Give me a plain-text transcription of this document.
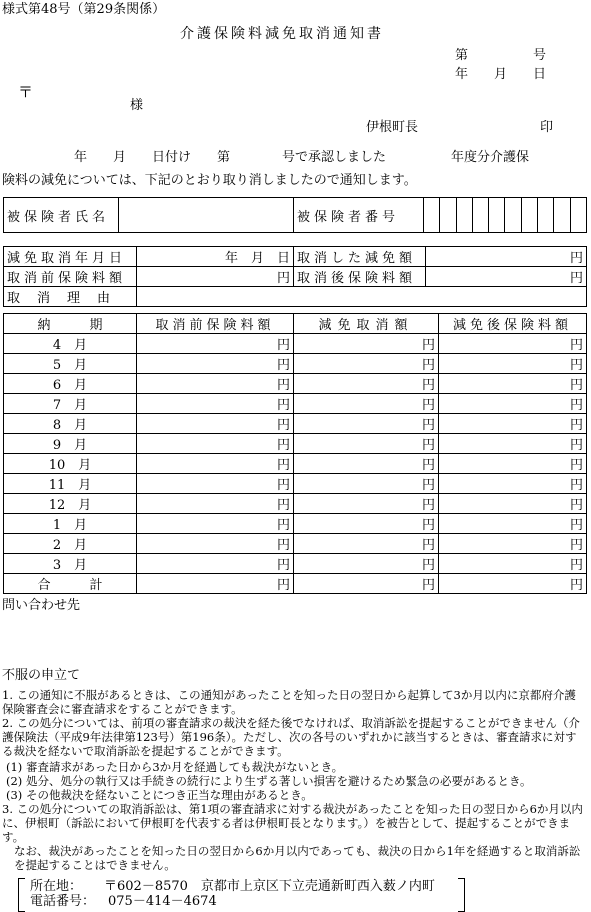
様式第48号（第29条関係）
介護保険料減免取消通知書
第　　　　　号
年　　月　　日
〒
様
伊根町長	印
年　　月　　日付け　　第　　　　号で承認しました　　　　　年度分介護保
険料の減免については、下記のとおり取り消しましたので通知します。
被保険者氏名		被保険者番号										
減免取消年月日	年　月　日	取消した減免額	円
取消前保険料額	円	取消後保険料額	円
取消理由			
納　　　期	取消前保険料額	減免取消額	減免後保険料額
4　月	円	円	円
5　月	円	円	円
6　月	円	円	円
7　月	円	円	円
8　月	円	円	円
9　月	円	円	円
10　月	円	円	円
11　月	円	円	円
12　月	円	円	円
1　月	円	円	円
2　月	円	円	円
3　月	円	円	円
合　　　計	円	円	円
問い合わせ先
不服の申立て
1. この通知に不服があるときは、この通知があったことを知った日の翌日から起算して3か月以内に京都府介護保険審査会に審査請求をすることができます。
2. この処分については、前項の審査請求の裁決を経た後でなければ、取消訴訟を提起することができません（介護保険法（平成9年法律第123号）第196条）。ただし、次の各号のいずれかに該当するときは、審査請求に対する裁決を経ないで取消訴訟を提起することができます。
(1) 審査請求があった日から3か月を経過しても裁決がないとき。
(2) 処分、処分の執行又は手続きの続行により生ずる著しい損害を避けるため緊急の必要があるとき。
(3) その他裁決を経ないことにつき正当な理由があるとき。
3. この処分についての取消訴訟は、第1項の審査請求に対する裁決があったことを知った日の翌日から6か月以内に、伊根町（訴訟において伊根町を代表する者は伊根町長となります。）を被告として、提起することができます。
なお、裁決があったことを知った日の翌日から6か月以内であっても、裁決の日から1年を経過すると取消訴訟を提起することはできません。
所在地： 〒602－8570　京都市上京区下立売通新町西入薮ノ内町
電話番号： 075－414－4674
